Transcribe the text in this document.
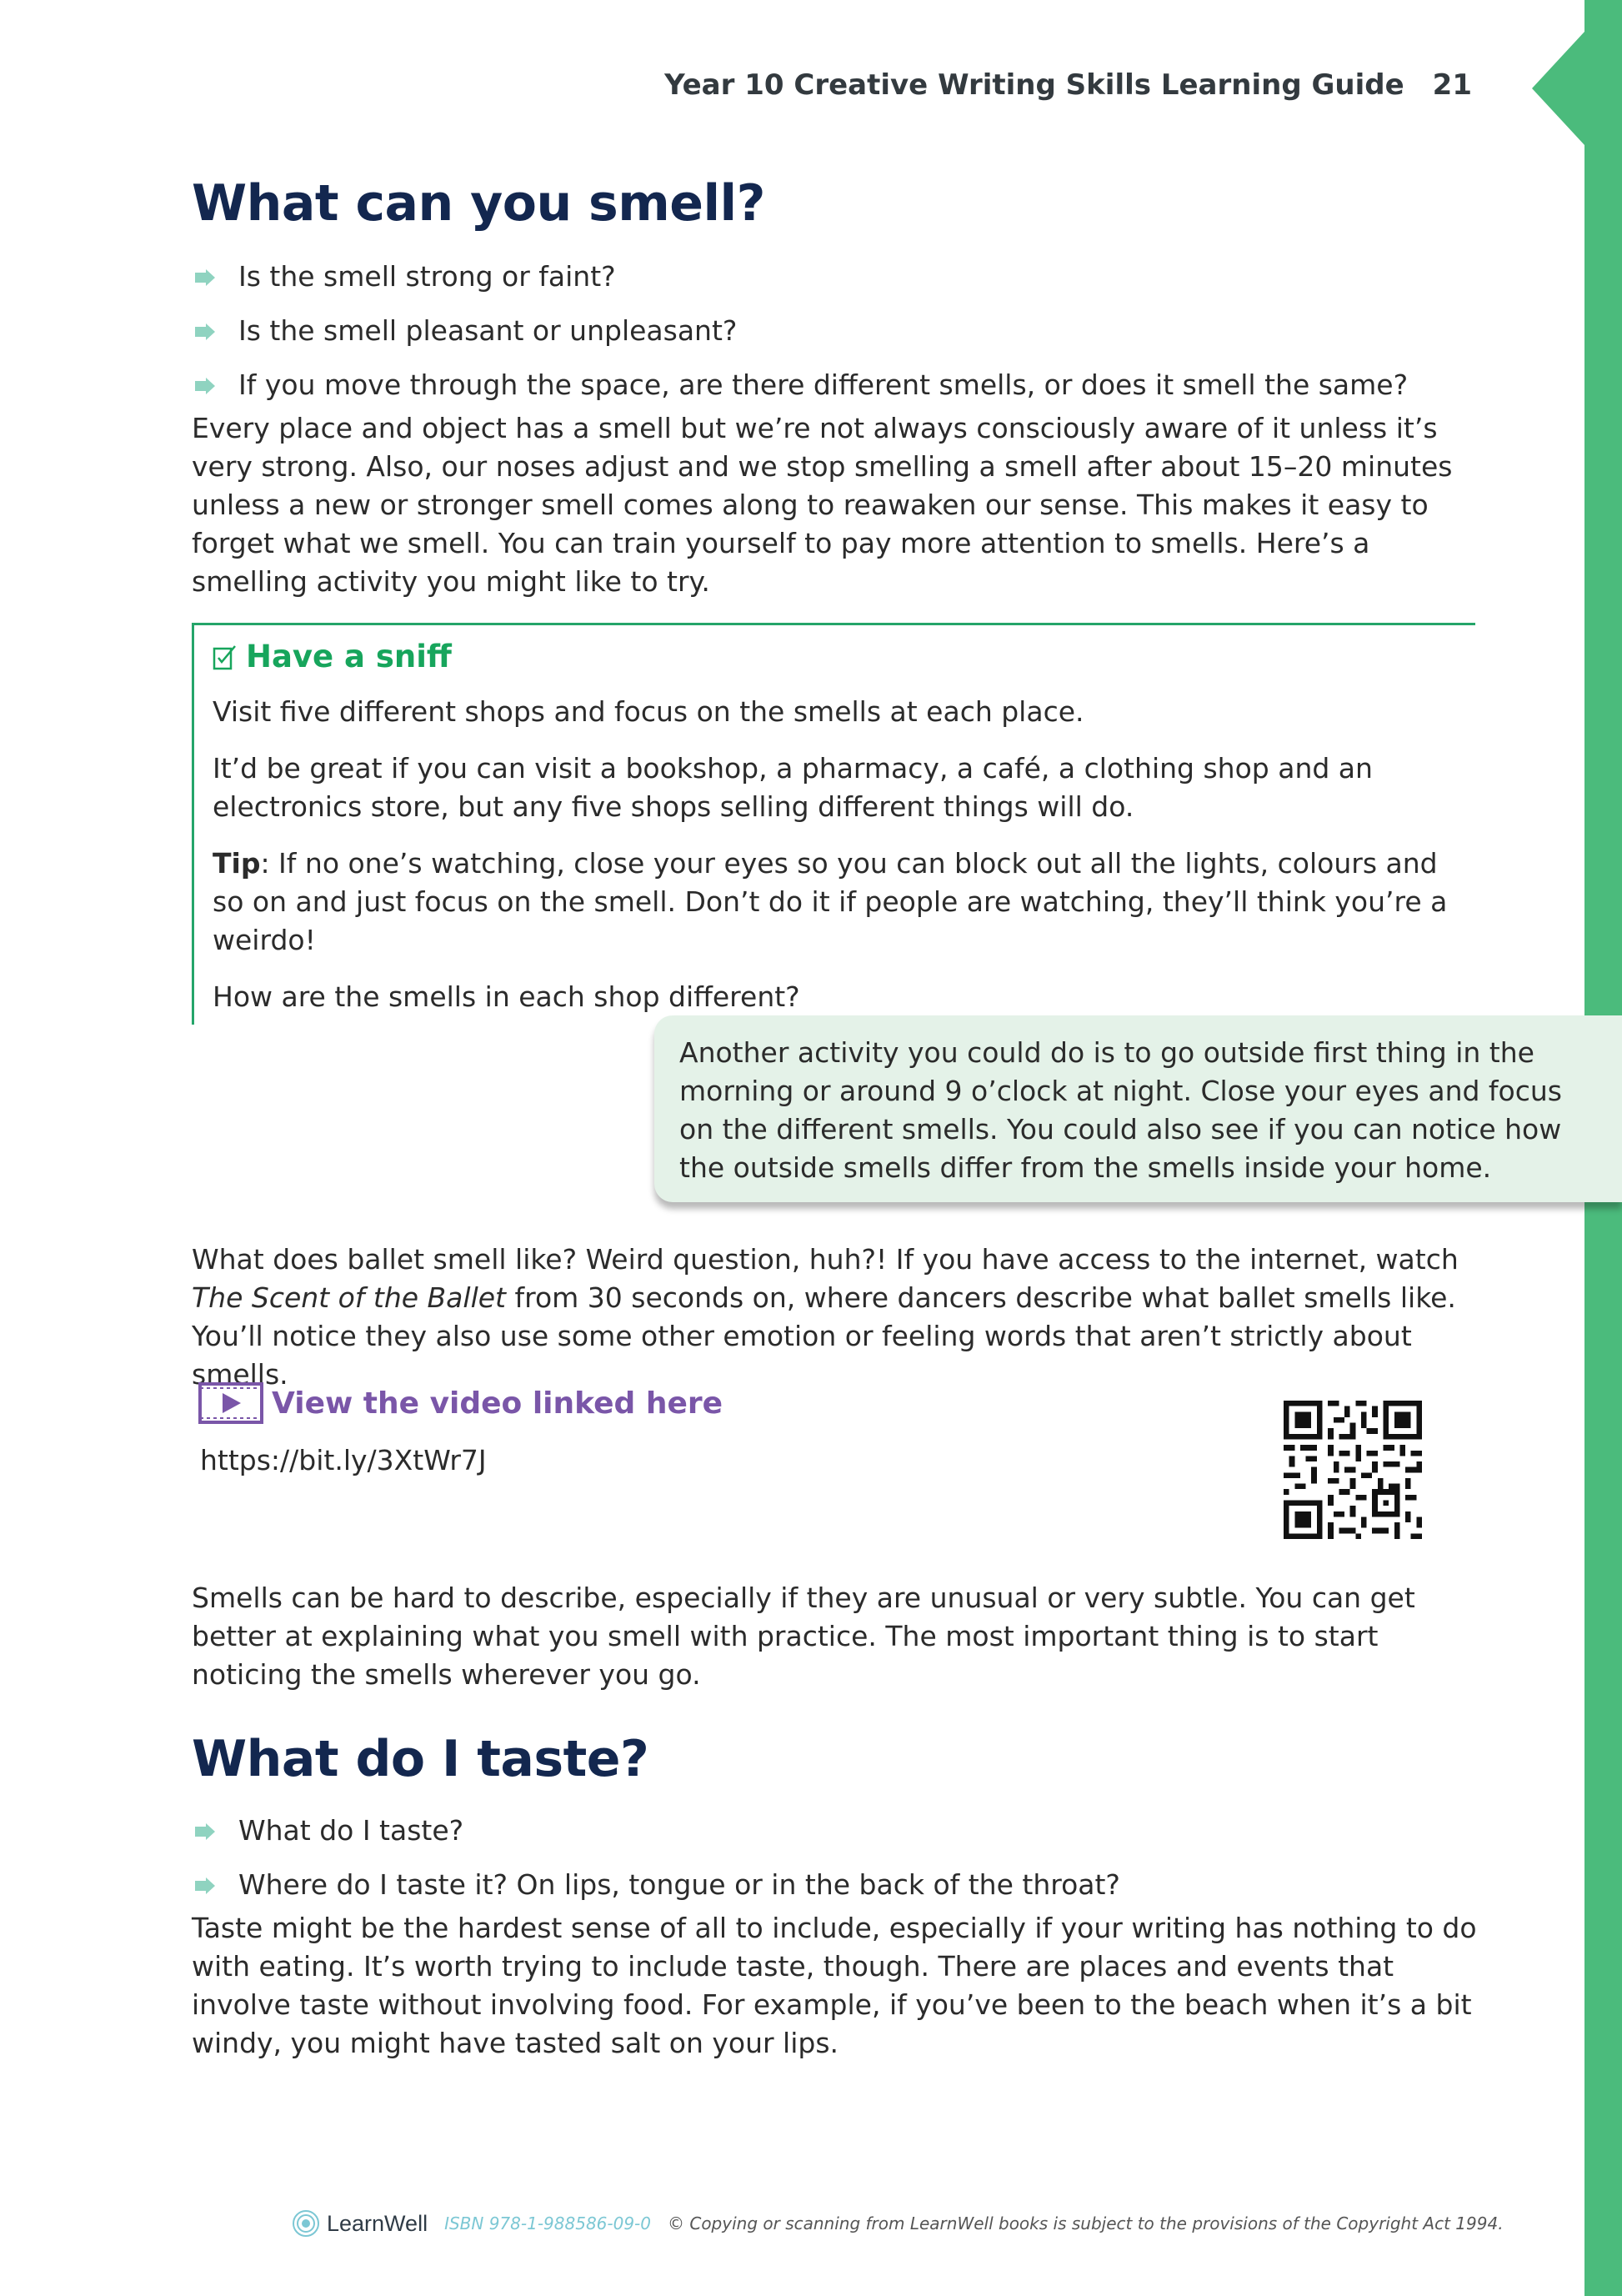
Year 10 Creative Writing Skills Learning Guide 21
What can you smell?
Is the smell strong or faint?
Is the smell pleasant or unpleasant?
If you move through the space, are there different smells, or does it smell the same?

Every place and object has a smell but we’re not always consciously aware of it unless it’s very strong. Also, our noses adjust and we stop smelling a smell after about 15–20 minutes unless a new or stronger smell comes along to reawaken our sense. This makes it easy to forget what we smell. You can train yourself to pay more attention to smells. Here’s a smelling activity you might like to try.

Have a sniff

Visit five different shops and focus on the smells at each place.

It’d be great if you can visit a bookshop, a pharmacy, a café, a clothing shop and an electronics store, but any five shops selling different things will do.

Tip: If no one’s watching, close your eyes so you can block out all the lights, colours and so on and just focus on the smell. Don’t do it if people are watching, they’ll think you’re a weirdo!

How are the smells in each shop different?

Another activity you could do is to go outside first thing in the morning or around 9 o’clock at night. Close your eyes and focus on the different smells. You could also see if you can notice how the outside smells differ from the smells inside your home.

What does ballet smell like? Weird question, huh?! If you have access to the internet, watch The Scent of the Ballet from 30 seconds on, where dancers describe what ballet smells like. You’ll notice they also use some other emotion or feeling words that aren’t strictly about smells.

View the video linked here
https://bit.ly/3XtWr7J

Smells can be hard to describe, especially if they are unusual or very subtle. You can get better at explaining what you smell with practice. The most important thing is to start noticing the smells wherever you go.

What do I taste?
What do I taste?
Where do I taste it? On lips, tongue or in the back of the throat?

Taste might be the hardest sense of all to include, especially if your writing has nothing to do with eating. It’s worth trying to include taste, though. There are places and events that involve taste without involving food. For example, if you’ve been to the beach when it’s a bit windy, you might have tasted salt on your lips.

LearnWell ISBN 978-1-988586-09-0 © Copying or scanning from LearnWell books is subject to the provisions of the Copyright Act 1994.
